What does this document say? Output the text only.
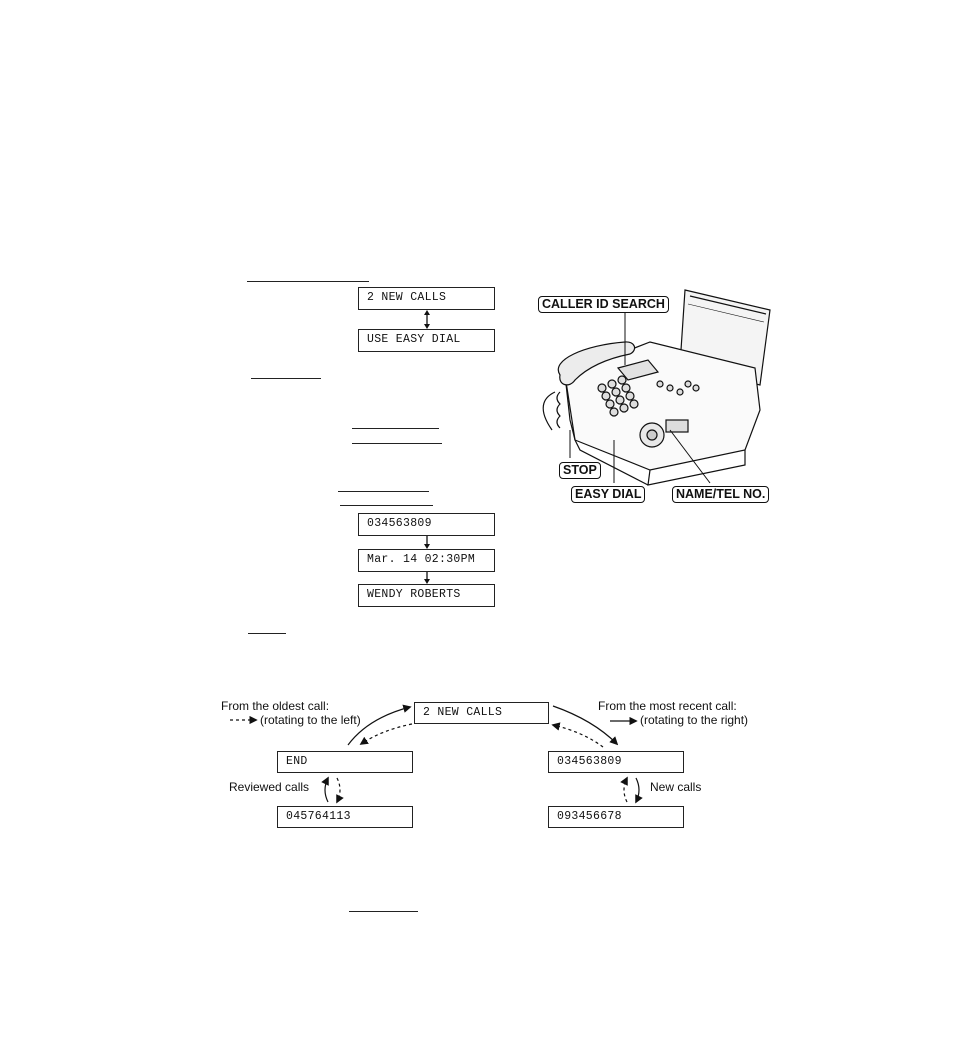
2 NEW CALLS
USE EASY DIAL
034563809
Mar. 14 02:30PM
WENDY ROBERTS
CALLER ID SEARCH
STOP
EASY DIAL	NAME/TEL NO.
2 NEW CALLS
END
045764113
034563809
093456678
From the oldest call:
(rotating to the left)
From the most recent call:
(rotating to the right)
Reviewed calls	New calls
